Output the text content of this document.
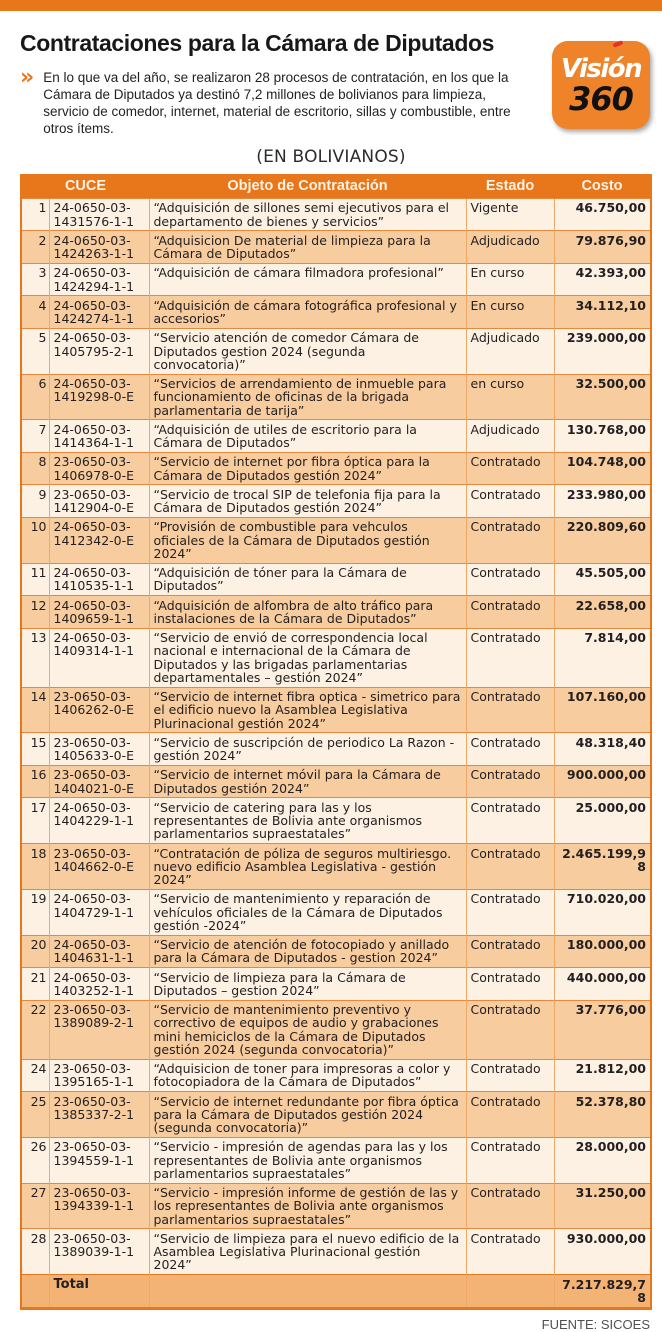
Contrataciones para la Cámara de Diputados
Visión
360
» En lo que va del año, se realizaron 28 procesos de contratación, en los que la Cámara de Diputados ya destinó 7,2 millones de bolivianos para limpieza, servicio de comedor, internet, material de escritorio, sillas y combustible, entre otros ítems.

(EN BOLIVIANOS)
CUCE		Objeto de Contratación	Estado	Costo
1	24-0650-03-1431576-1-1	“Adquisición de sillones semi ejecutivos para el departamento de bienes y servicios”	Vigente	46.750,00
2	24-0650-03-1424263-1-1	“Adquisicion De material de limpieza para la Cámara de Diputados”	Adjudicado	79.876,90
3	24-0650-03-1424294-1-1	“Adquisición de cámara filmadora profesional”	En curso	42.393,00
4	24-0650-03-1424274-1-1	“Adquisición de cámara fotográfica profesional y accesorios”	En curso	34.112,10
5	24-0650-03-1405795-2-1	“Servicio atención de comedor Cámara de Diputados gestion 2024 (segunda convocatoria)”	Adjudicado	239.000,00
6	24-0650-03-1419298-0-E	“Servicios de arrendamiento de inmueble para funcionamiento de oficinas de la brigada parlamentaria de tarija”	en curso	32.500,00
7	24-0650-03-1414364-1-1	“Adquisición de utiles de escritorio para la Cámara de Diputados”	Adjudicado	130.768,00
8	23-0650-03-1406978-0-E	“Servicio de internet por fibra óptica para la Cámara de Diputados gestión 2024”	Contratado	104.748,00
9	23-0650-03-1412904-0-E	“Servicio de trocal SIP de telefonia fija para la Cámara de Diputados gestión 2024”	Contratado	233.980,00
10	24-0650-03-1412342-0-E	“Provisión de combustible para vehculos oficiales de la Cámara de Diputados gestión 2024”	Contratado	220.809,60
11	24-0650-03-1410535-1-1	“Adquisición de tóner para la Cámara de Diputados”	Contratado	45.505,00
12	24-0650-03-1409659-1-1	“Adquisición de alfombra de alto tráfico para instalaciones de la Cámara de Diputados”	Contratado	22.658,00
13	24-0650-03-1409314-1-1	“Servicio de envió de correspondencia local nacional e internacional de la Cámara de Diputados y las brigadas parlamentarias departamentales – gestión 2024”	Contratado	7.814,00
14	23-0650-03-1406262-0-E	“Servicio de internet fibra optica - simetrico para el edificio nuevo la Asamblea Legislativa Plurinacional gestión 2024”	Contratado	107.160,00
15	23-0650-03-1405633-0-E	“Servicio de suscripción de periodico La Razon - gestión 2024”	Contratado	48.318,40
16	23-0650-03-1404021-0-E	“Servicio de internet móvil para la Cámara de Diputados gestión 2024”	Contratado	900.000,00
17	24-0650-03-1404229-1-1	“Servicio de catering para las y los representantes de Bolivia ante organismos parlamentarios supraestatales”	Contratado	25.000,00
18	23-0650-03-1404662-0-E	“Contratación de póliza de seguros multiriesgo. nuevo edificio Asamblea Legislativa - gestión 2024”	Contratado	2.465.199,98
19	24-0650-03-1404729-1-1	“Servicio de mantenimiento y reparación de vehículos oficiales de la Cámara de Diputados gestión -2024”	Contratado	710.020,00
20	24-0650-03-1404631-1-1	“Servicio de atención de fotocopiado y anillado para la Cámara de Diputados - gestion 2024”	Contratado	180.000,00
21	24-0650-03-1403252-1-1	“Servicio de limpieza para la Cámara de Diputados – gestion 2024”	Contratado	440.000,00
22	23-0650-03-1389089-2-1	“Servicio de mantenimiento preventivo y correctivo de equipos de audio y grabaciones mini hemiciclos de la Cámara de Diputados gestión 2024 (segunda convocatoria)”	Contratado	37.776,00
24	23-0650-03-1395165-1-1	“Adquisicion de toner para impresoras a color y fotocopiadora de la Cámara de Diputados”	Contratado	21.812,00
25	23-0650-03-1385337-2-1	“Servicio de internet redundante por fibra óptica para la Cámara de Diputados gestión 2024 (segunda convocatoria)”	Contratado	52.378,80
26	23-0650-03-1394559-1-1	“Servicio - impresión de agendas para las y los representantes de Bolivia ante organismos parlamentarios supraestatales”	Contratado	28.000,00
27	23-0650-03-1394339-1-1	“Servicio - impresión informe de gestión de las y los representantes de Bolivia ante organismos parlamentarios supraestatales”	Contratado	31.250,00
28	23-0650-03-1389039-1-1	“Servicio de limpieza para el nuevo edificio de la Asamblea Legislativa Plurinacional gestión 2024”	Contratado	930.000,00
	Total			7.217.829,78
FUENTE: SICOES
